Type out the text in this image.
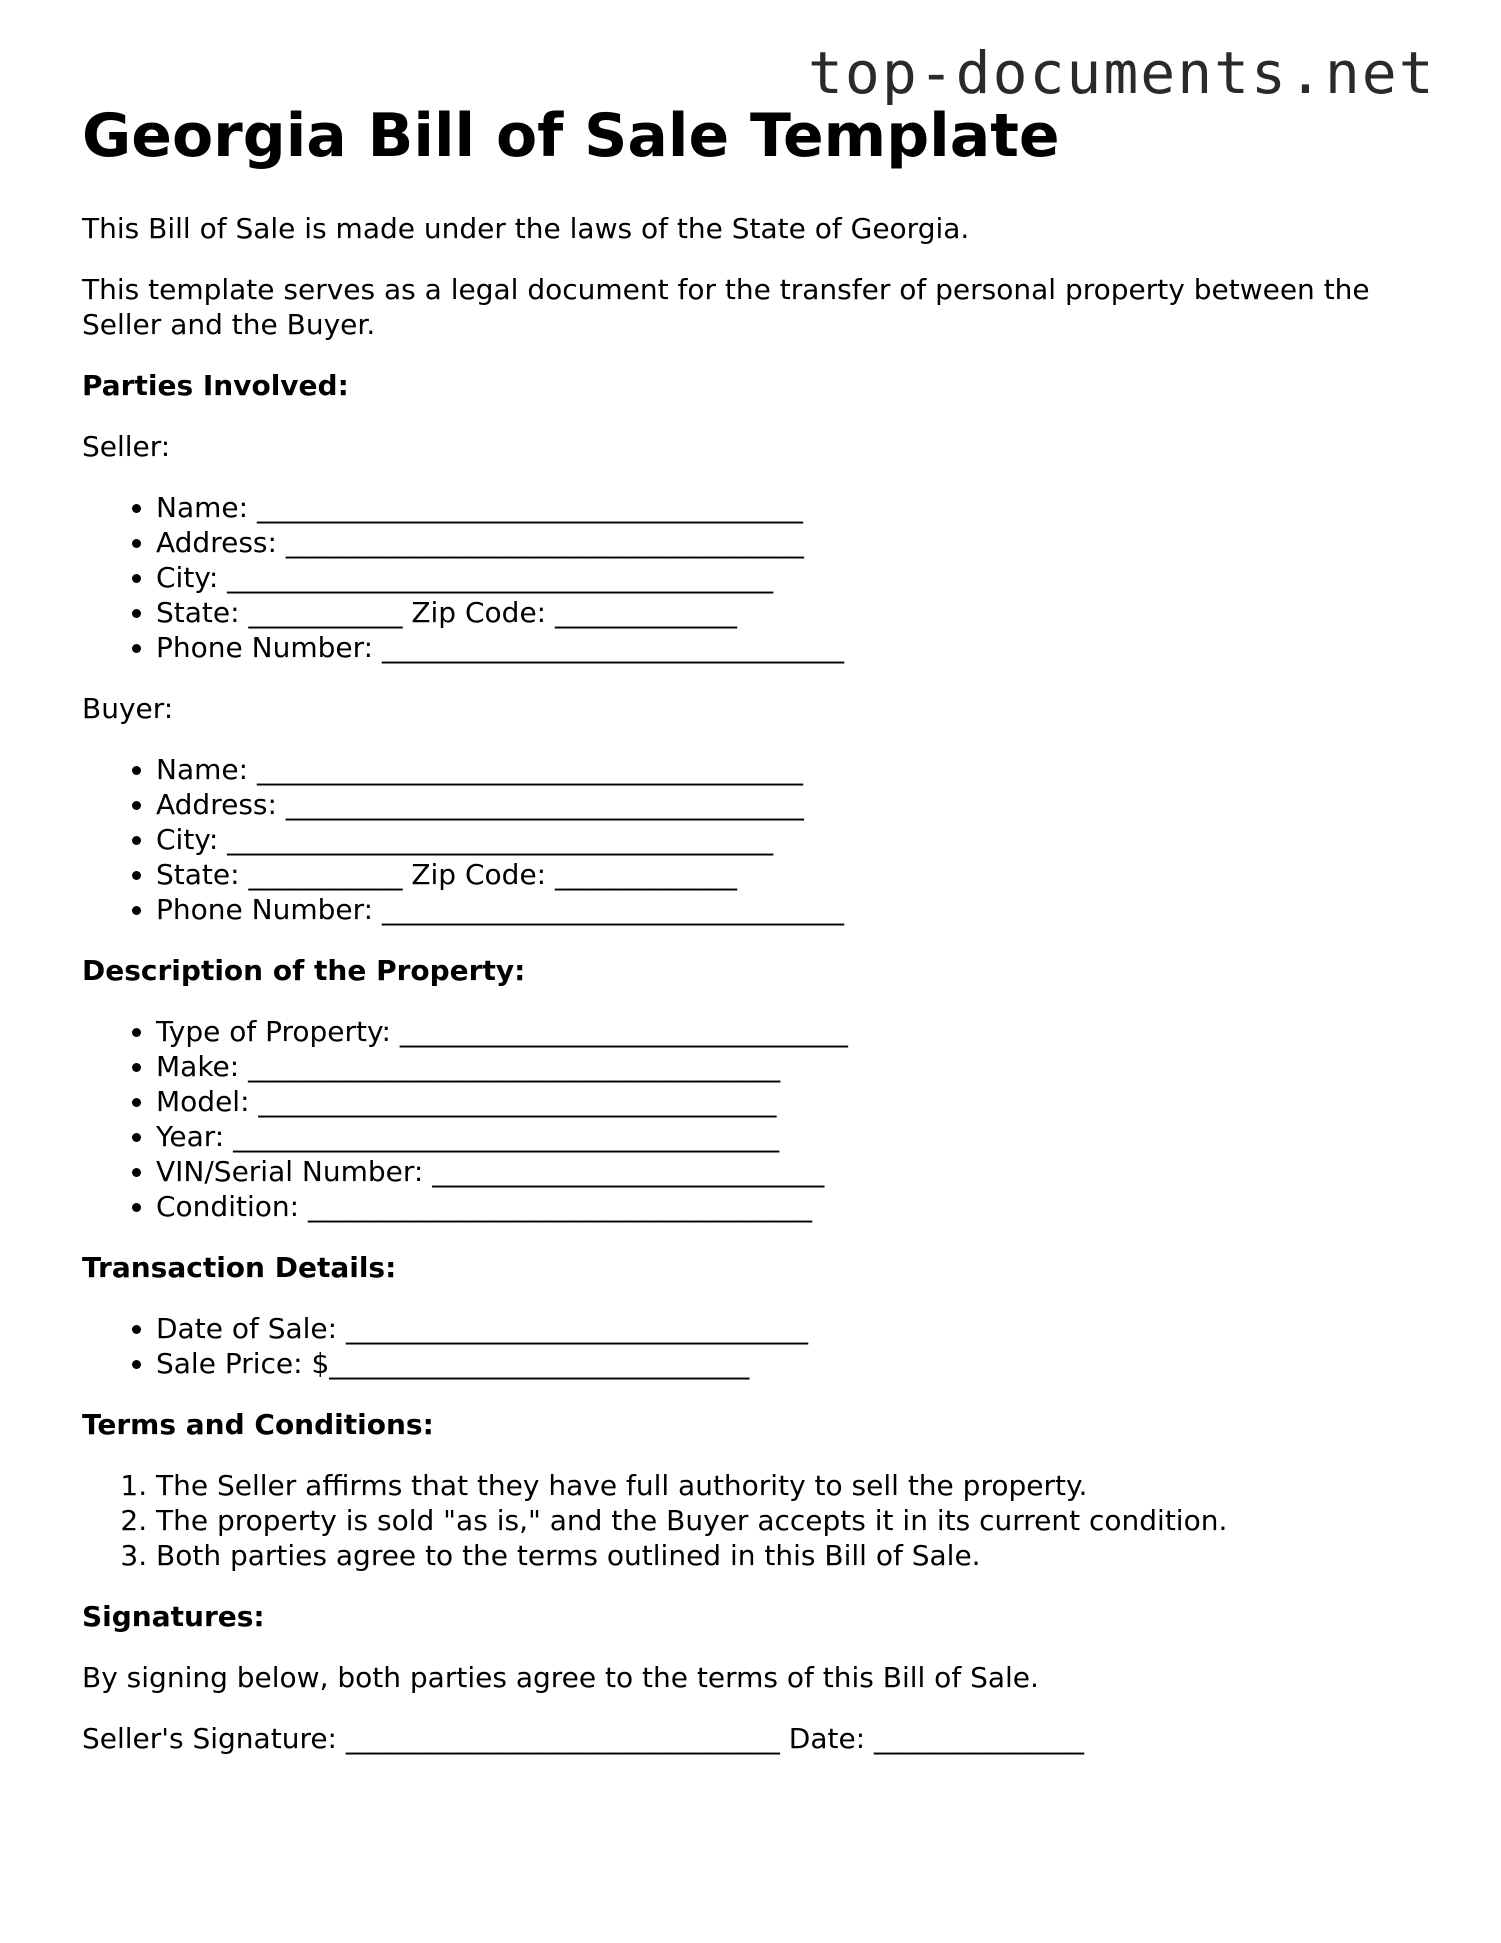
top-documents.net
Georgia Bill of Sale Template

This Bill of Sale is made under the laws of the State of Georgia.

This template serves as a legal document for the transfer of personal property between the Seller and the Buyer.

Parties Involved:

Seller:

• Name: _______________________________________
• Address: _____________________________________
• City: _______________________________________
• State: ___________ Zip Code: _____________
• Phone Number: _________________________________

Buyer:

• Name: _______________________________________
• Address: _____________________________________
• City: _______________________________________
• State: ___________ Zip Code: _____________
• Phone Number: _________________________________

Description of the Property:

• Type of Property: ________________________________
• Make: ______________________________________
• Model: _____________________________________
• Year: _______________________________________
• VIN/Serial Number: ____________________________
• Condition: ____________________________________

Transaction Details:

• Date of Sale: _________________________________
• Sale Price: $______________________________

Terms and Conditions:

1. The Seller affirms that they have full authority to sell the property.
2. The property is sold "as is," and the Buyer accepts it in its current condition.
3. Both parties agree to the terms outlined in this Bill of Sale.

Signatures:

By signing below, both parties agree to the terms of this Bill of Sale.

Seller's Signature: _______________________________ Date: _______________
